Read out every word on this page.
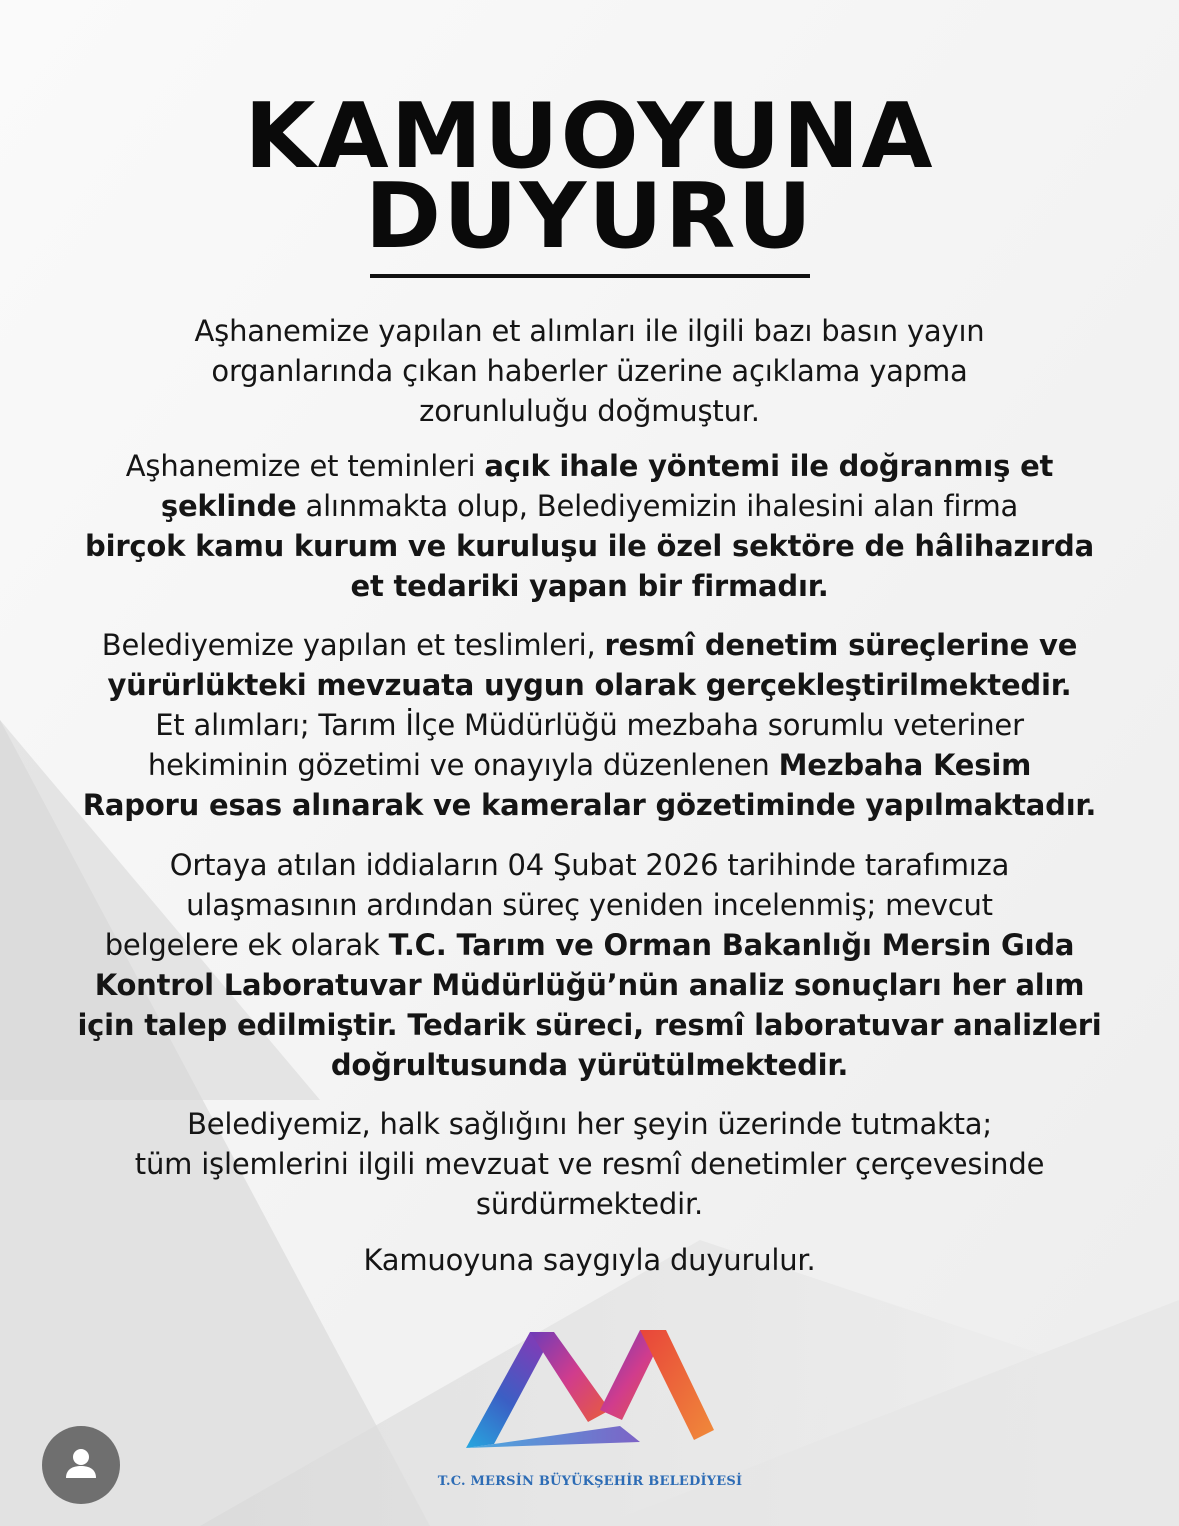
KAMUOYUNA
DUYURU
Aşhanemize yapılan et alımları ile ilgili bazı basın yayın
organlarında çıkan haberler üzerine açıklama yapma
zorunluluğu doğmuştur.
Aşhanemize et teminleri açık ihale yöntemi ile doğranmış et
şeklinde alınmakta olup, Belediyemizin ihalesini alan firma
birçok kamu kurum ve kuruluşu ile özel sektöre de hâlihazırda
et tedariki yapan bir firmadır.
Belediyemize yapılan et teslimleri, resmî denetim süreçlerine ve
yürürlükteki mevzuata uygun olarak gerçekleştirilmektedir.
Et alımları; Tarım İlçe Müdürlüğü mezbaha sorumlu veteriner
hekiminin gözetimi ve onayıyla düzenlenen Mezbaha Kesim
Raporu esas alınarak ve kameralar gözetiminde yapılmaktadır.
Ortaya atılan iddiaların 04 Şubat 2026 tarihinde tarafımıza
ulaşmasının ardından süreç yeniden incelenmiş; mevcut
belgelere ek olarak T.C. Tarım ve Orman Bakanlığı Mersin Gıda
Kontrol Laboratuvar Müdürlüğü’nün analiz sonuçları her alım
için talep edilmiştir. Tedarik süreci, resmî laboratuvar analizleri
doğrultusunda yürütülmektedir.
Belediyemiz, halk sağlığını her şeyin üzerinde tutmakta;
tüm işlemlerini ilgili mevzuat ve resmî denetimler çerçevesinde
sürdürmektedir.
Kamuoyuna saygıyla duyurulur.
T.C. MERSİN BÜYÜKŞEHİR BELEDİYESİ
